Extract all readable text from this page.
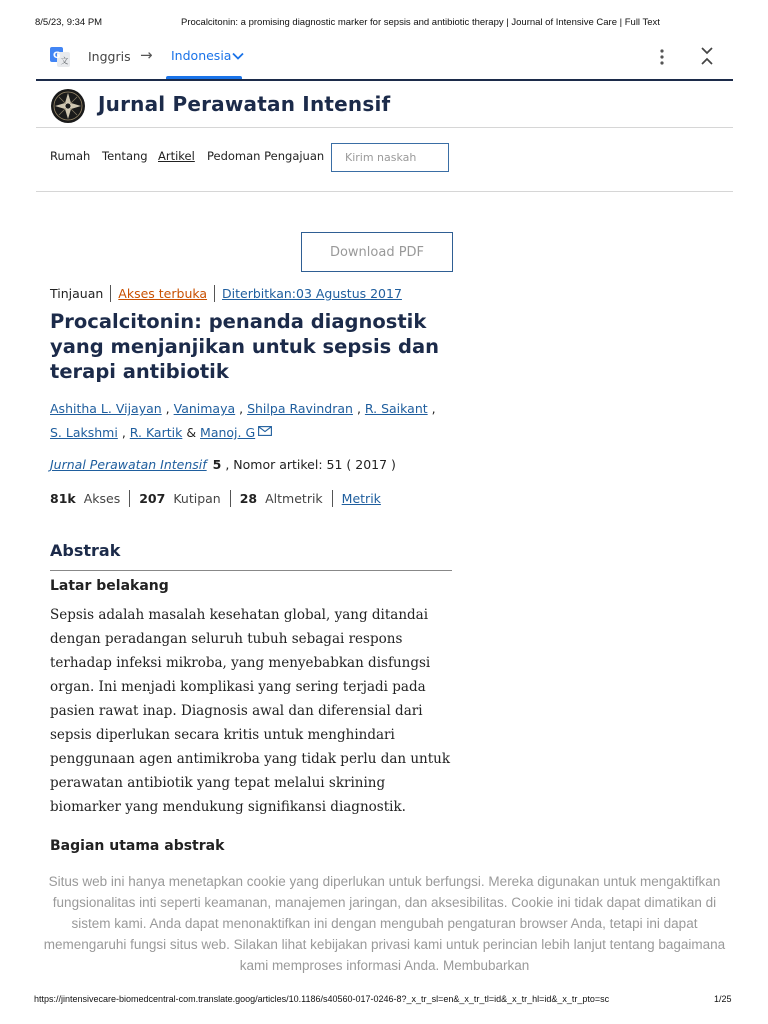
8/5/23, 9:34 PM	Procalcitonin: a promising diagnostic marker for sepsis and antibiotic therapy | Journal of Intensive Care | Full Text
G 文 Inggris → Indonesia
Jurnal Perawatan Intensif
Rumah Tentang Artikel Pedoman Pengajuan
Kirim naskah
Download PDF
Tinjauan Akses terbuka Diterbitkan:03 Agustus 2017
Procalcitonin: penanda diagnostik yang menjanjikan untuk sepsis dan terapi antibiotik
Ashitha L. Vijayan , Vanimaya , Shilpa Ravindran , R. Saikant , S. Lakshmi , R. Kartik & Manoj. G
Jurnal Perawatan Intensif 5 , Nomor artikel: 51 ( 2017 )
81k Akses 207 Kutipan 28 Altmetrik Metrik
Abstrak
Latar belakang

Sepsis adalah masalah kesehatan global, yang ditandai dengan peradangan seluruh tubuh sebagai respons terhadap infeksi mikroba, yang menyebabkan disfungsi organ. Ini menjadi komplikasi yang sering terjadi pada pasien rawat inap. Diagnosis awal dan diferensial dari sepsis diperlukan secara kritis untuk menghindari penggunaan agen antimikroba yang tidak perlu dan untuk perawatan antibiotik yang tepat melalui skrining biomarker yang mendukung signifikansi diagnostik.

Bagian utama abstrak
Situs web ini hanya menetapkan cookie yang diperlukan untuk berfungsi. Mereka digunakan untuk mengaktifkan fungsionalitas inti seperti keamanan, manajemen jaringan, dan aksesibilitas. Cookie ini tidak dapat dimatikan di sistem kami. Anda dapat menonaktifkan ini dengan mengubah pengaturan browser Anda, tetapi ini dapat memengaruhi fungsi situs web. Silakan lihat kebijakan privasi kami untuk perincian lebih lanjut tentang bagaimana kami memproses informasi Anda. Membubarkan
https://jintensivecare-biomedcentral-com.translate.goog/articles/10.1186/s40560-017-0246-8?_x_tr_sl=en&_x_tr_tl=id&_x_tr_hl=id&_x_tr_pto=sc	1/25
